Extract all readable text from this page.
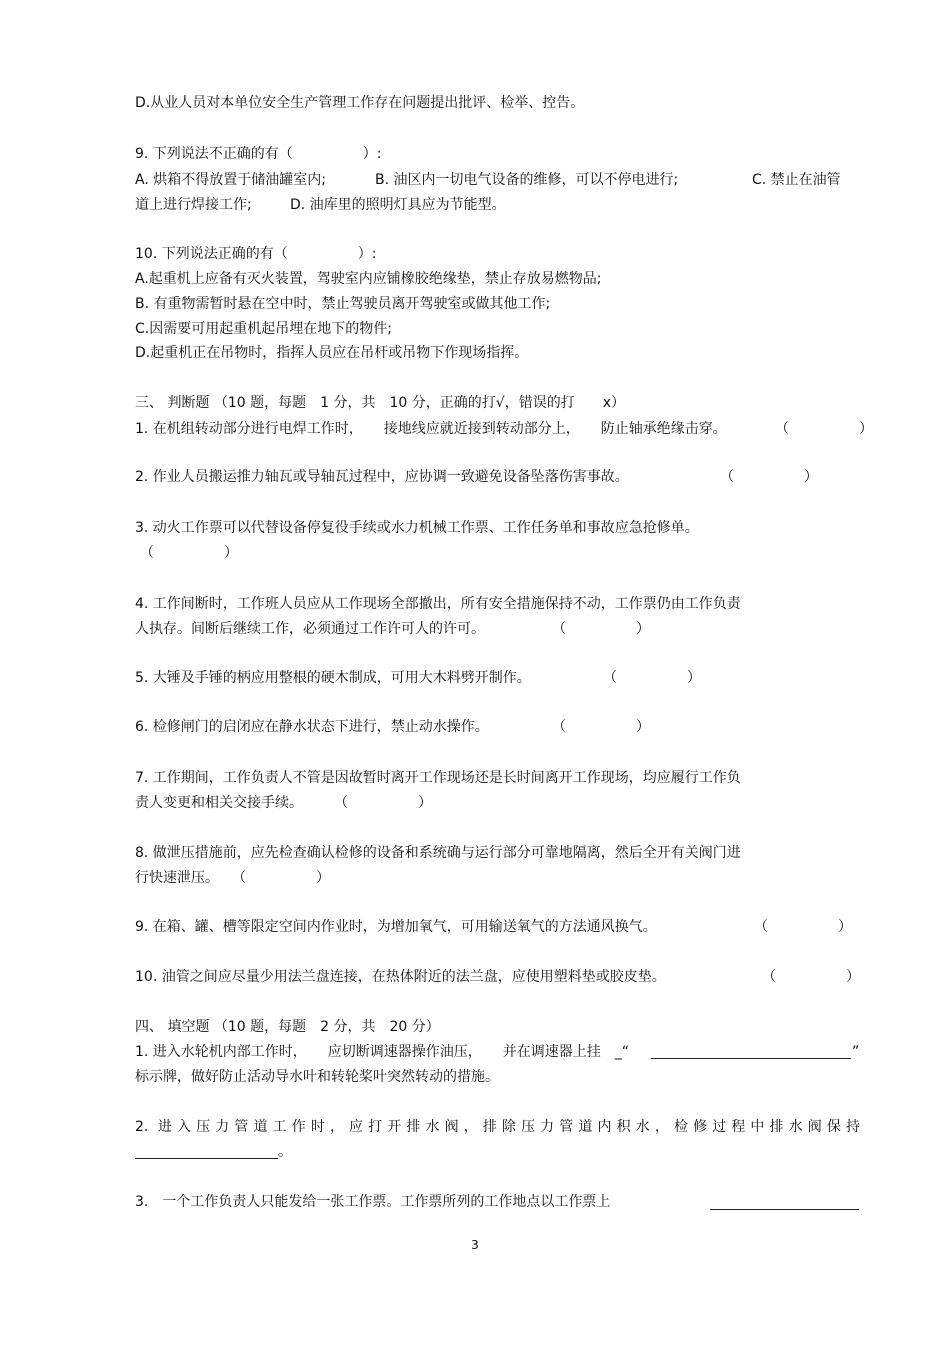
D.从业人员对本单位安全生产管理工作存在问题提出批评、检举、控告。
9. 下列说法不正确的有（　　　　　）:
A. 烘箱不得放置于储油罐室内;	B. 油区内一切电气设备的维修，可以不停电进行;	C. 禁止在油管
道上进行焊接工作;	D. 油库里的照明灯具应为节能型。
10. 下列说法正确的有（　　　　　）:
A.起重机上应备有灭火装置，驾驶室内应铺橡胶绝缘垫，禁止存放易燃物品;
B. 有重物需暂时悬在空中时，禁止驾驶员离开驾驶室或做其他工作;
C.因需要可用起重机起吊埋在地下的物件;
D.起重机正在吊物时，指挥人员应在吊杆或吊物下作现场指挥。
三、 判断题 （10 题，每题　1 分，共　10 分，正确的打√，错误的打　　x）
1. 在机组转动部分进行电焊工作时，　　接地线应就近接到转动部分上，　　防止轴承绝缘击穿。	（　　　　　）
2. 作业人员搬运推力轴瓦或导轴瓦过程中，应协调一致避免设备坠落伤害事故。	（　　　　　）
3. 动火工作票可以代替设备停复役手续或水力机械工作票、工作任务单和事故应急抢修单。
（　　　　　）
4. 工作间断时，工作班人员应从工作现场全部撤出，所有安全措施保持不动，工作票仍由工作负责
人执存。间断后继续工作，必须通过工作许可人的许可。	（　　　　　）
5. 大锤及手锤的柄应用整根的硬木制成，可用大木料劈开制作。	（　　　　　）
6. 检修闸门的启闭应在静水状态下进行，禁止动水操作。	（　　　　　）
7. 工作期间，工作负责人不管是因故暂时离开工作现场还是长时间离开工作现场，均应履行工作负
责人变更和相关交接手续。 （　　　　　）
8. 做泄压措施前，应先检查确认检修的设备和系统确与运行部分可靠地隔离，然后全开有关阀门进
行快速泄压。 （　　　　　）
9. 在箱、罐、槽等限定空间内作业时，为增加氧气，可用输送氧气的方法通风换气。	（　　　　　）
10. 油管之间应尽量少用法兰盘连接，在热体附近的法兰盘，应使用塑料垫或胶皮垫。	（　　　　　）
四、 填空题 （10 题，每题　2 分，共　20 分）
1. 进入水轮机内部工作时，　　应切断调速器操作油压，　　并在调速器上挂　_“	”
标示牌，做好防止活动导水叶和转轮桨叶突然转动的措施。
2. 进入压力管道工作时，应打开排水阀，排除压力管道内积水，检修过程中排水阀保持
。
3.　一个工作负责人只能发给一张工作票。工作票所列的工作地点以工作票上
3
